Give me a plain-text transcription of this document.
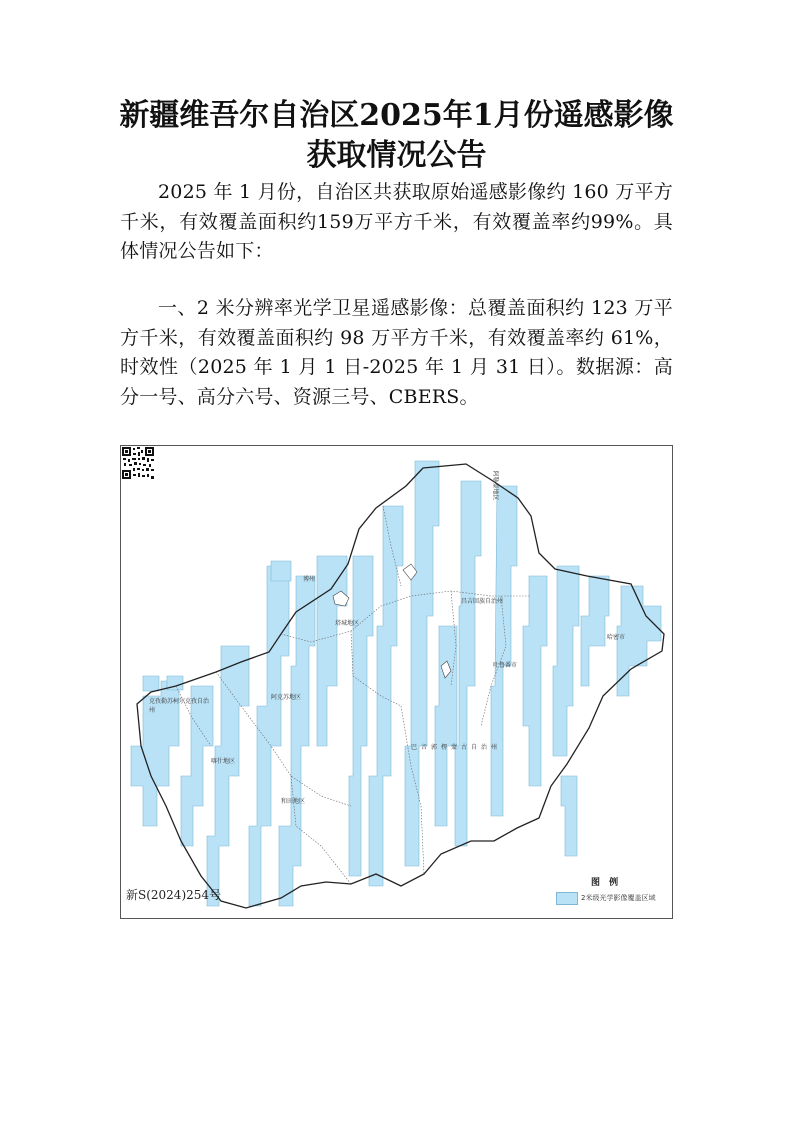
新疆维吾尔自治区2025年1月份遥感影像
获取情况公告
2025 年 1 月份，自治区共获取原始遥感影像约 160 万平方千米，有效覆盖面积约159万平方千米，有效覆盖率约99%。具体情况公告如下：
一、2 米分辨率光学卫星遥感影像：总覆盖面积约 123 万平方千米，有效覆盖面积约 98 万平方千米，有效覆盖率约 61%，时效性（2025 年 1 月 1 日-2025 年 1 月 31 日）。数据源：高分一号、高分六号、资源三号、CBERS。
阿勒泰地区
博州
塔城地区
昌吉回族自治州
哈密市
吐鲁番市
克孜勒苏柯尔克孜自治州
喀什地区
和田地区
阿克苏地区
巴音郭楞蒙古自治州
新S(2024)254号
图 例
2米级光学影像覆盖区域
